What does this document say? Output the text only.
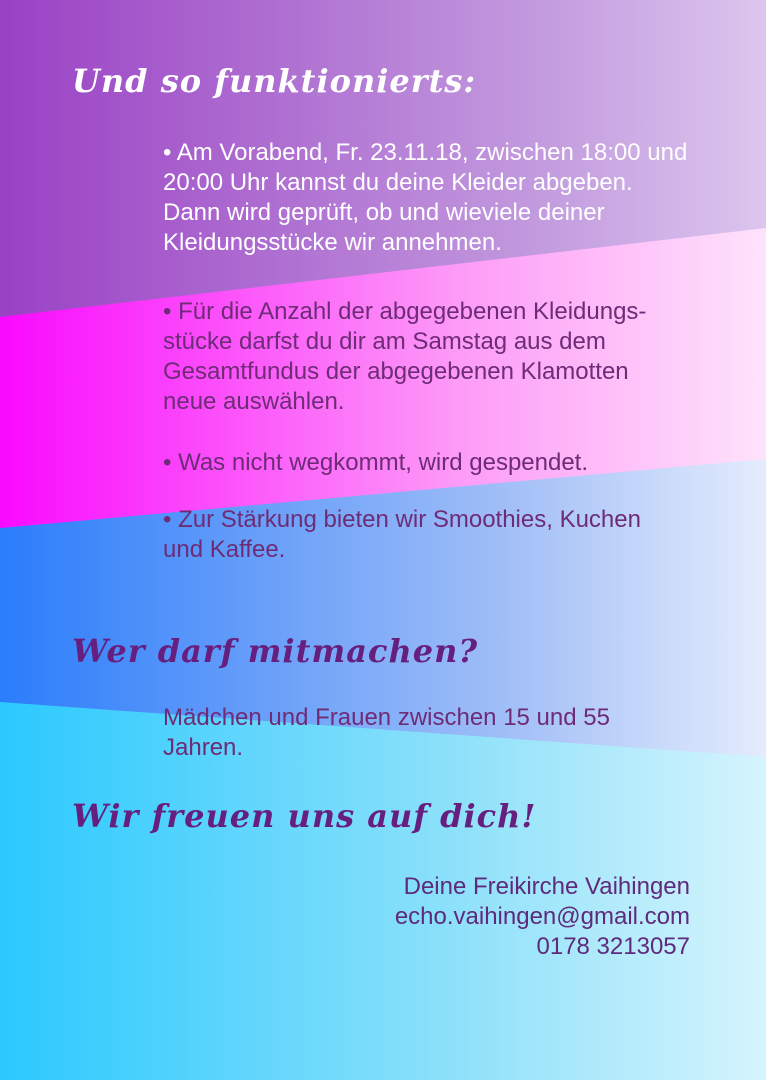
Und so funktionierts:
• Am Vorabend, Fr. 23.11.18, zwischen 18:00 und
20:00 Uhr kannst du deine Kleider abgeben.
Dann wird geprüft, ob und wieviele deiner
Kleidungsstücke wir annehmen.
• Für die Anzahl der abgegebenen Kleidungs-
stücke darfst du dir am Samstag aus dem
Gesamtfundus der abgegebenen Klamotten
neue auswählen.
• Was nicht wegkommt, wird gespendet.
• Zur Stärkung bieten wir Smoothies, Kuchen
und Kaffee.
Wer darf mitmachen?
Mädchen und Frauen zwischen 15 und 55
Jahren.
Wir freuen uns auf dich!
Deine Freikirche Vaihingen
echo.vaihingen@gmail.com
0178 3213057
